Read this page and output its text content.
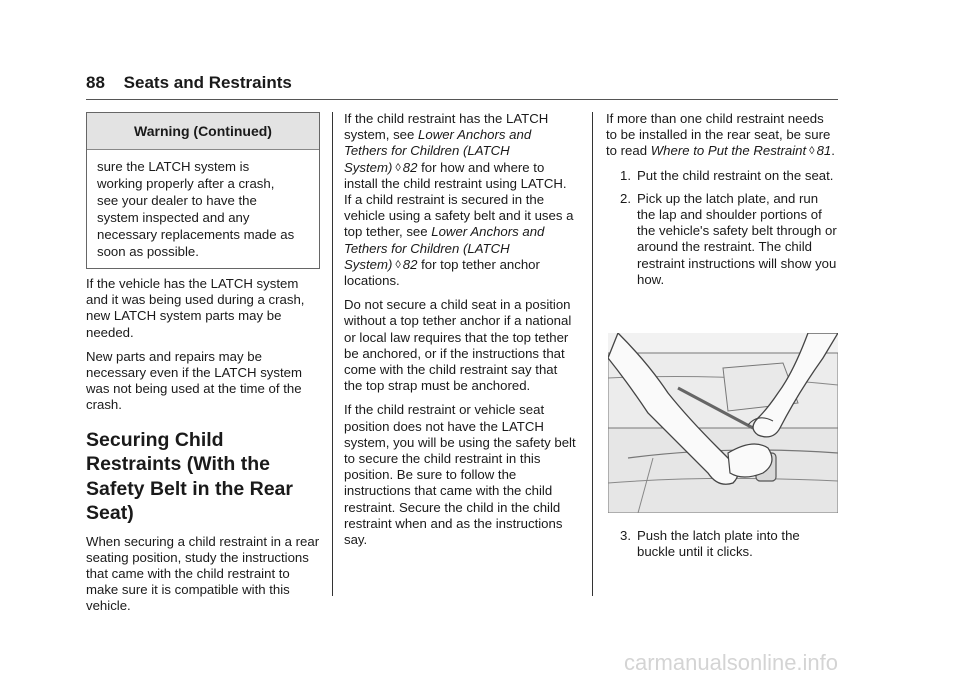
88 Seats and Restraints
Warning (Continued)
sure the LATCH system is
working properly after a crash,
see your dealer to have the
system inspected and any
necessary replacements made as
soon as possible.

If the vehicle has the LATCH system and it was being used during a crash, new LATCH system parts may be needed.

New parts and repairs may be necessary even if the LATCH system was not being used at the time of the crash.

Securing Child Restraints (With the Safety Belt in the Rear Seat)

When securing a child restraint in a rear seating position, study the instructions that came with the child restraint to make sure it is compatible with this vehicle.

If the child restraint has the LATCH system, see Lower Anchors and Tethers for Children (LATCH System) ◊ 82 for how and where to install the child restraint using LATCH. If a child restraint is secured in the vehicle using a safety belt and it uses a top tether, see Lower Anchors and Tethers for Children (LATCH System) ◊ 82 for top tether anchor locations.

Do not secure a child seat in a position without a top tether anchor if a national or local law requires that the top tether be anchored, or if the instructions that come with the child restraint say that the top strap must be anchored.

If the child restraint or vehicle seat position does not have the LATCH system, you will be using the safety belt to secure the child restraint in this position. Be sure to follow the instructions that came with the child restraint. Secure the child in the child restraint when and as the instructions say.

If more than one child restraint needs to be installed in the rear seat, be sure to read Where to Put the Restraint ◊ 81.

1. Put the child restraint on the seat.
2. Pick up the latch plate, and run the lap and shoulder portions of the vehicle's safety belt through or around the restraint. The child restraint instructions will show you how.
3. Push the latch plate into the buckle until it clicks.
carmanualsonline.info
